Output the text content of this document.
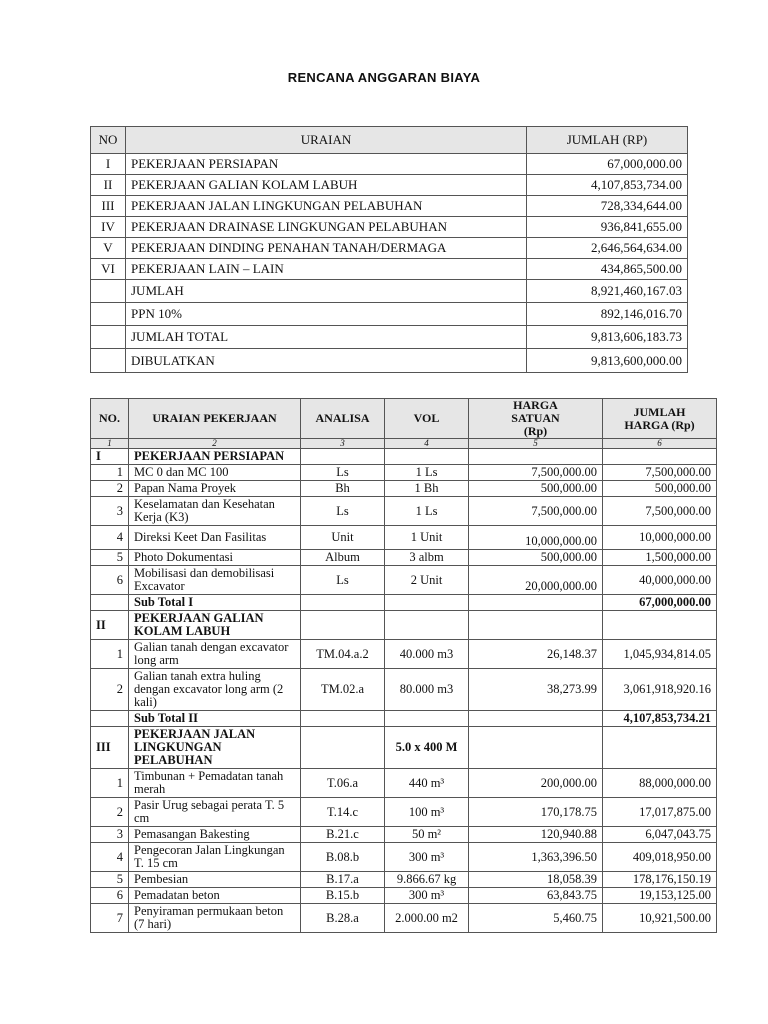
RENCANA ANGGARAN BIAYA
NO	URAIAN	JUMLAH (RP)
I	PEKERJAAN PERSIAPAN	67,000,000.00
II	PEKERJAAN GALIAN KOLAM LABUH	4,107,853,734.00
III	PEKERJAAN JALAN LINGKUNGAN PELABUHAN	728,334,644.00
IV	PEKERJAAN DRAINASE LINGKUNGAN PELABUHAN	936,841,655.00
V	PEKERJAAN DINDING PENAHAN TANAH/DERMAGA	2,646,564,634.00
VI	PEKERJAAN LAIN – LAIN	434,865,500.00
	JUMLAH	8,921,460,167.03
	PPN 10%	892,146,016.70
	JUMLAH TOTAL	9,813,606,183.73
	DIBULATKAN	9,813,600,000.00
NO.	URAIAN PEKERJAAN	ANALISA	VOL	HARGA SATUAN (Rp)	JUMLAH HARGA (Rp)
1	2	3	4	5	6
I	PEKERJAAN PERSIAPAN				
1	MC 0 dan MC 100	Ls	1 Ls	7,500,000.00	7,500,000.00
2	Papan Nama Proyek	Bh	1 Bh	500,000.00	500,000.00
3	Keselamatan dan Kesehatan Kerja (K3)	Ls	1 Ls	7,500,000.00	7,500,000.00
4	Direksi Keet Dan Fasilitas	Unit	1 Unit	10,000,000.00	10,000,000.00
5	Photo Dokumentasi	Album	3 albm	500,000.00	1,500,000.00
6	Mobilisasi dan demobilisasi Excavator	Ls	2 Unit	20,000,000.00	40,000,000.00
	Sub Total I				67,000,000.00
II	PEKERJAAN GALIAN KOLAM LABUH				
1	Galian tanah dengan excavator long arm	TM.04.a.2	40.000 m3	26,148.37	1,045,934,814.05
2	Galian tanah extra huling dengan excavator long arm (2 kali)	TM.02.a	80.000 m3	38,273.99	3,061,918,920.16
	Sub Total II				4,107,853,734.21
III	PEKERJAAN JALAN LINGKUNGAN PELABUHAN		5.0 x 400 M		
1	Timbunan + Pemadatan tanah merah	T.06.a	440 m³	200,000.00	88,000,000.00
2	Pasir Urug sebagai perata T. 5 cm	T.14.c	100 m³	170,178.75	17,017,875.00
3	Pemasangan Bakesting	B.21.c	50 m²	120,940.88	6,047,043.75
4	Pengecoran Jalan Lingkungan T. 15 cm	B.08.b	300 m³	1,363,396.50	409,018,950.00
5	Pembesian	B.17.a	9.866.67 kg	18,058.39	178,176,150.19
6	Pemadatan beton	B.15.b	300 m³	63,843.75	19,153,125.00
7	Penyiraman permukaan beton (7 hari)	B.28.a	2.000.00 m2	5,460.75	10,921,500.00
